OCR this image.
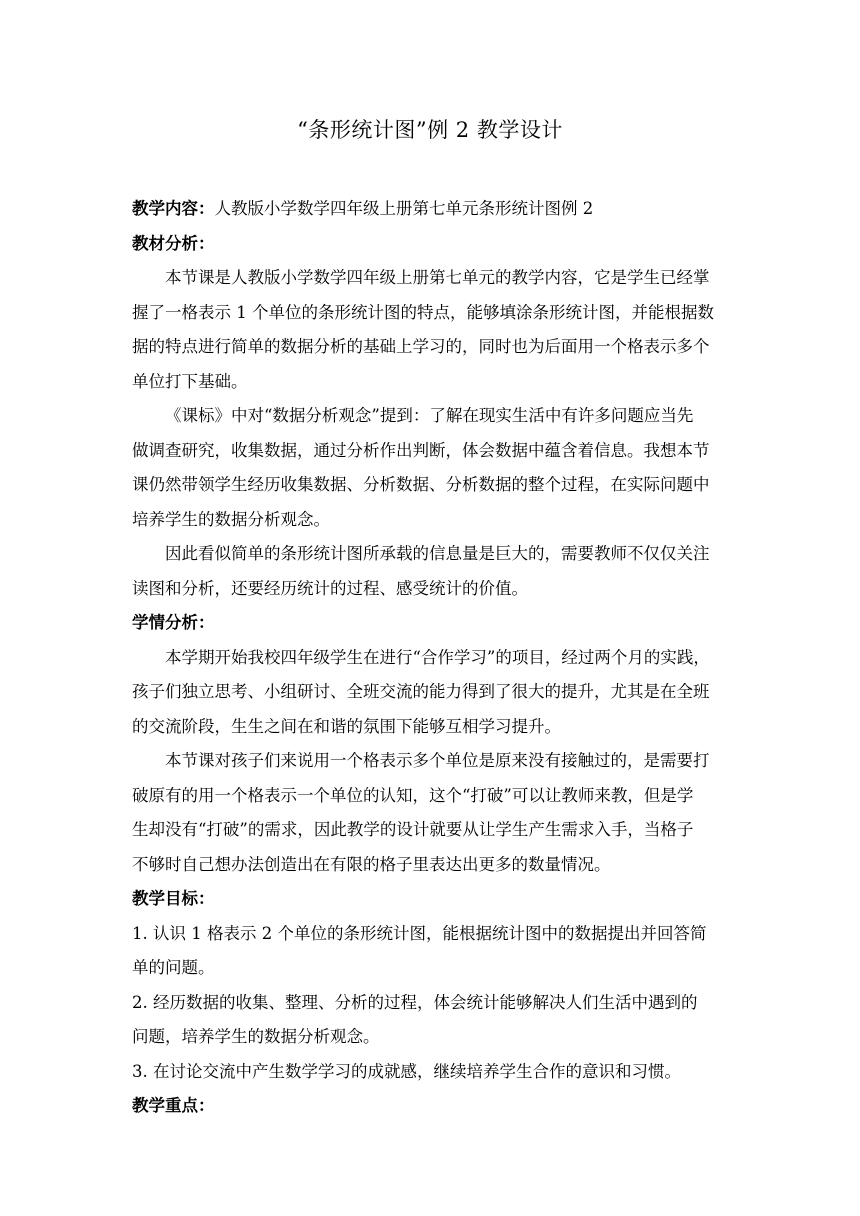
“条形统计图”例 2 教学设计
教学内容：人教版小学数学四年级上册第七单元条形统计图例 2
教材分析：
本节课是人教版小学数学四年级上册第七单元的教学内容，它是学生已经掌
握了一格表示 1 个单位的条形统计图的特点，能够填涂条形统计图，并能根据数
据的特点进行简单的数据分析的基础上学习的，同时也为后面用一个格表示多个
单位打下基础。
《课标》中对“数据分析观念”提到：了解在现实生活中有许多问题应当先
做调查研究，收集数据，通过分析作出判断，体会数据中蕴含着信息。我想本节
课仍然带领学生经历收集数据、分析数据、分析数据的整个过程，在实际问题中
培养学生的数据分析观念。
因此看似简单的条形统计图所承载的信息量是巨大的，需要教师不仅仅关注
读图和分析，还要经历统计的过程、感受统计的价值。
学情分析：
本学期开始我校四年级学生在进行“合作学习”的项目，经过两个月的实践，
孩子们独立思考、小组研讨、全班交流的能力得到了很大的提升，尤其是在全班
的交流阶段，生生之间在和谐的氛围下能够互相学习提升。
本节课对孩子们来说用一个格表示多个单位是原来没有接触过的，是需要打
破原有的用一个格表示一个单位的认知，这个“打破”可以让教师来教，但是学
生却没有“打破”的需求，因此教学的设计就要从让学生产生需求入手，当格子
不够时自己想办法创造出在有限的格子里表达出更多的数量情况。
教学目标：
1. 认识 1 格表示 2 个单位的条形统计图，能根据统计图中的数据提出并回答简
单的问题。
2. 经历数据的收集、整理、分析的过程，体会统计能够解决人们生活中遇到的
问题，培养学生的数据分析观念。
3. 在讨论交流中产生数学学习的成就感，继续培养学生合作的意识和习惯。
教学重点：
